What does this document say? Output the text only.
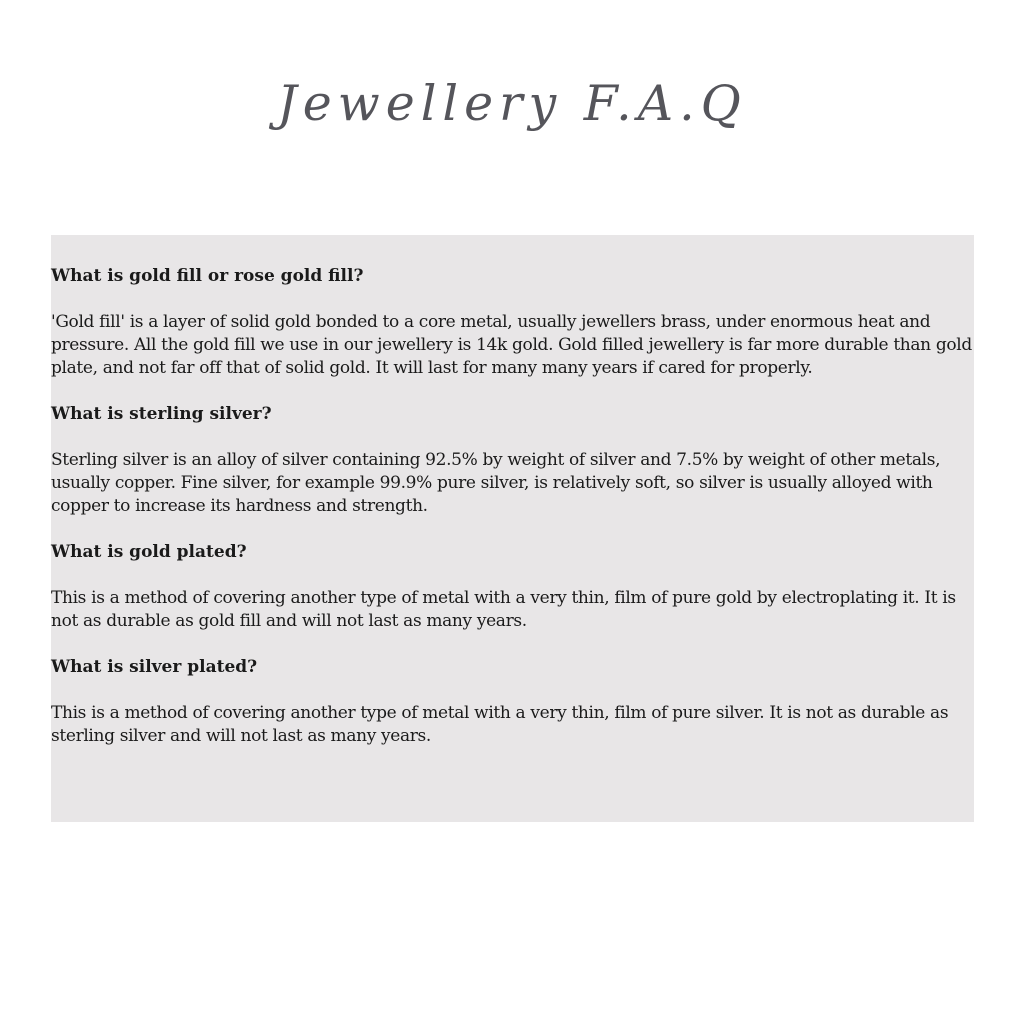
Jewellery F.A.Q

What is gold fill or rose gold fill?

'Gold fill' is a layer of solid gold bonded to a core metal, usually jewellers brass, under enormous heat and pressure. All the gold fill we use in our jewellery is 14k gold. Gold filled jewellery is far more durable than gold plate, and not far off that of solid gold. It will last for many many years if cared for properly.

What is sterling silver?

Sterling silver is an alloy of silver containing 92.5% by weight of silver and 7.5% by weight of other metals, usually copper. Fine silver, for example 99.9% pure silver, is relatively soft, so silver is usually alloyed with copper to increase its hardness and strength.

What is gold plated?

This is a method of covering another type of metal with a very thin, film of pure gold by electroplating it. It is not as durable as gold fill and will not last as many years.

What is silver plated?

This is a method of covering another type of metal with a very thin, film of pure silver. It is not as durable as sterling silver and will not last as many years.
